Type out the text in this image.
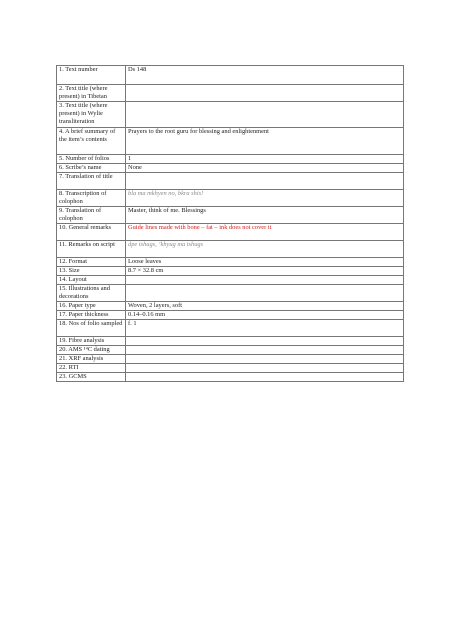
1. Text number	Ds 148
2. Text title (where present) in Tibetan	
3. Text title (where present) in Wylie transliteration	
4. A brief summary of the item’s contents	Prayers to the root guru for blessing and enlightenment
5. Number of folios	1
6. Scribe’s name	None
7. Translation of title	
8. Transcription of colophon	bla ma mkhyen no, bkra shis!
9. Translation of colophon	Master, think of me. Blessings
10. General remarks	Guide lines made with bone – fat – ink does not cover it
11. Remarks on script	dpe tshugs, ’khyug ma tshugs
12. Format	Loose leaves
13. Size	8.7 × 32.8 cm
14. Layout	
15. Illustrations and decorations	
16. Paper type	Woven, 2 layers, soft
17. Paper thickness	0.14–0.16 mm
18. Nos of folio sampled	f. 1
19. Fibre analysis	
20. AMS ¹⁴C dating	
21. XRF analysis	
22. RTI	
23. GCMS	
